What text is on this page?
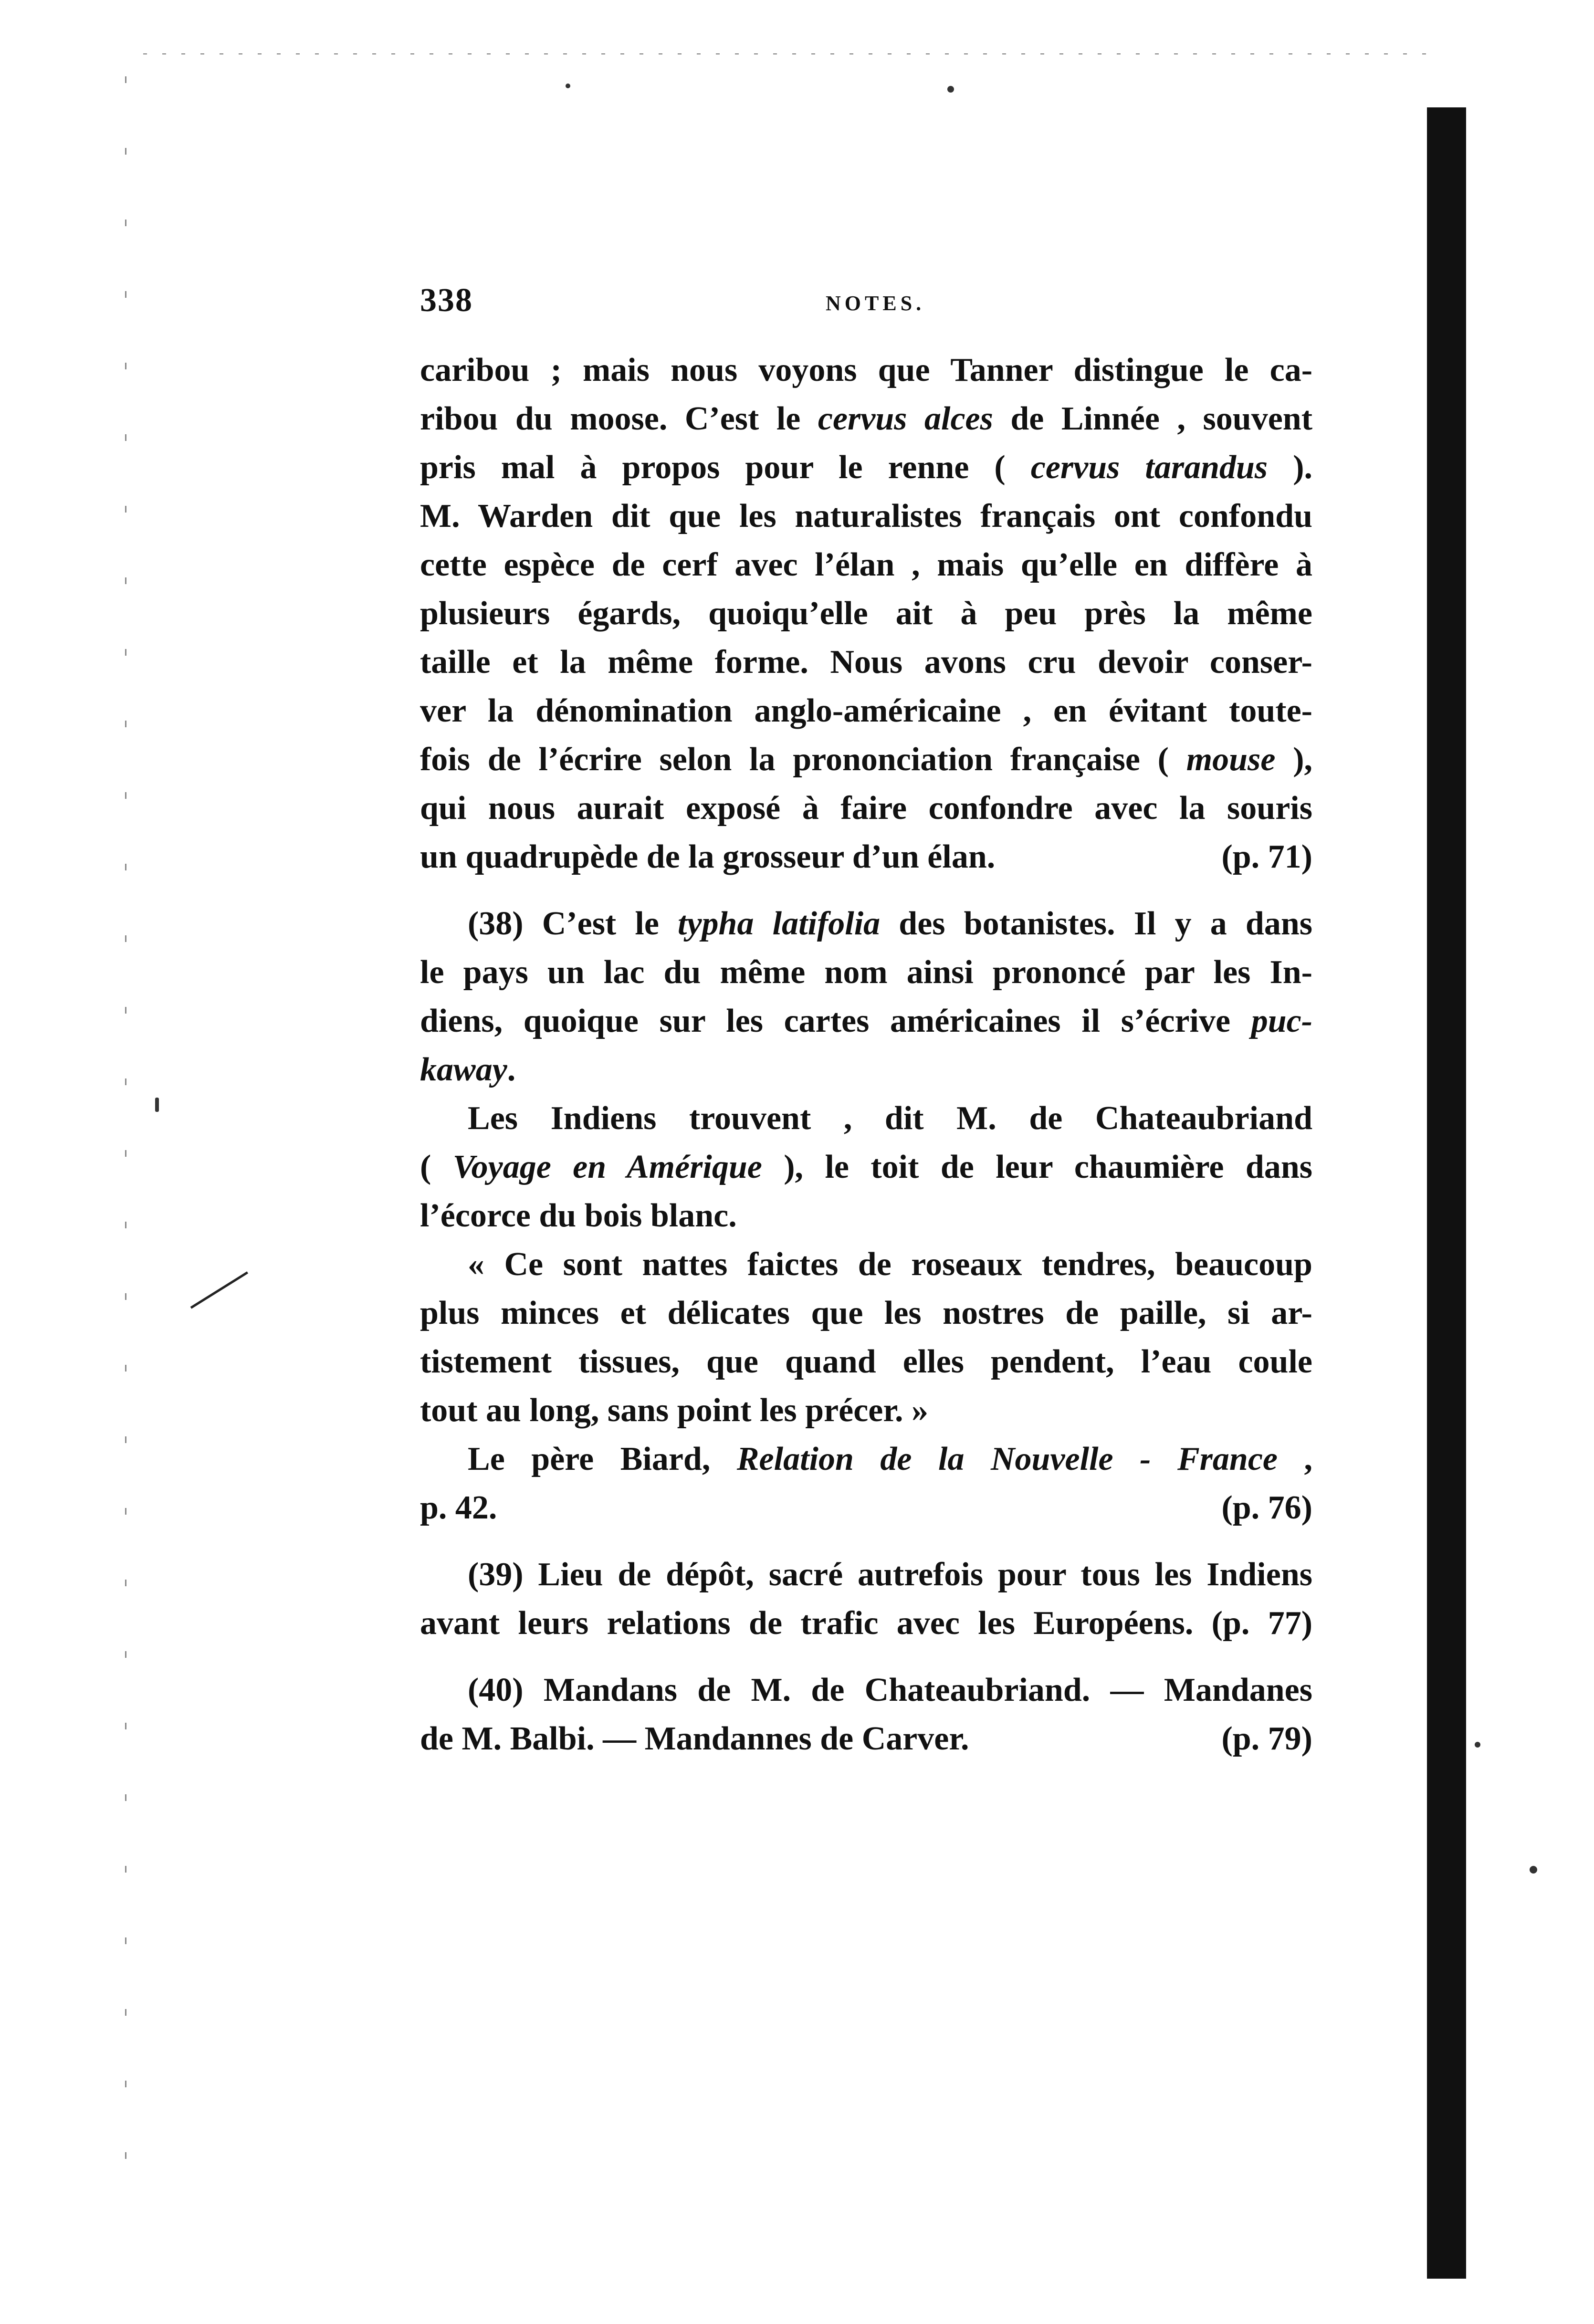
338	NOTES.
caribou ; mais nous voyons que Tanner distingue le ca-
ribou du moose. C’est le cervus alces de Linnée , souvent
pris mal à propos pour le renne ( cervus tarandus ).
M. Warden dit que les naturalistes français ont confondu
cette espèce de cerf avec l’élan , mais qu’elle en diffère à
plusieurs égards, quoiqu’elle ait à peu près la même
taille et la même forme. Nous avons cru devoir conser-
ver la dénomination anglo-américaine , en évitant toute-
fois de l’écrire selon la prononciation française ( mouse ),
qui nous aurait exposé à faire confondre avec la souris
un quadrupède de la grosseur d’un élan.	(p. 71)
(38) C’est le typha latifolia des botanistes. Il y a dans
le pays un lac du même nom ainsi prononcé par les In-
diens, quoique sur les cartes américaines il s’écrive puc-
kaway.
Les Indiens trouvent , dit M. de Chateaubriand
( Voyage en Amérique ), le toit de leur chaumière dans
l’écorce du bois blanc.
« Ce sont nattes faictes de roseaux tendres, beaucoup
plus minces et délicates que les nostres de paille, si ar-
tistement tissues, que quand elles pendent, l’eau coule
tout au long, sans point les précer. »
Le père Biard, Relation de la Nouvelle - France ,
p. 42.	(p. 76)
(39) Lieu de dépôt, sacré autrefois pour tous les Indiens
avant leurs relations de trafic avec les Européens. (p. 77)
(40) Mandans de M. de Chateaubriand. — Mandanes
de M. Balbi. — Mandannes de Carver.	(p. 79)
